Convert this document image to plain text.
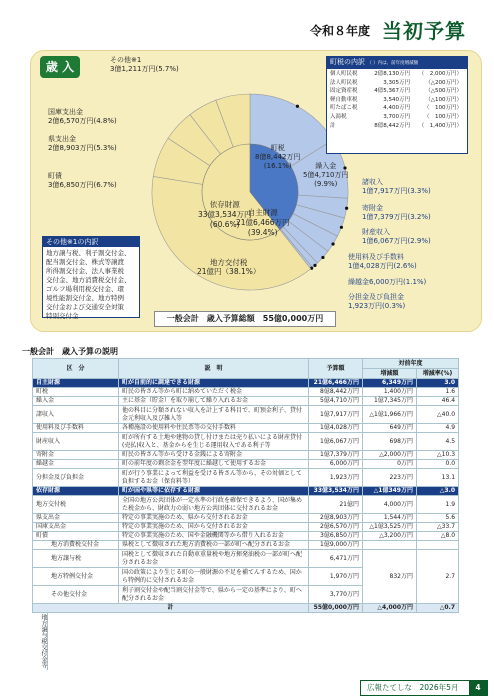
令和８年度 当初予算
歳 入
町税
8億8,442万円
(16.1%)	繰入金
5億4,710万円
(9.9%)	諸収入
1億7,917万円(3.3%)
寄附金
1億7,379万円(3.2%)
財産収入
1億6,067万円(2.9%)
使用料及び手数料
1億4,028万円(2.6%)
繰越金6,000万円(1.1%)
分担金及び負担金
1,923万円(0.3%)
地方交付税
21億円（38.1%）
町債
3億6,850万円(6.7%)
県支出金
2億8,903万円(5.3%)
国庫支出金
2億6,570万円(4.8%)
その他※1
3億1,211万円(5.7%)
自主財源
21億6,466万円
(39.4%)
依存財源
33億3,534万円
(60.6%)
その他※1の内訳
地方譲与税、利子割交付金、
配当割交付金、株式等譲渡
所得割交付金、法人事業税
交付金、地方消費税交付金、
ゴルフ場利用税交付金、環
境性能割交付金、地方特例
交付金および交通安全対策
特別交付金
町税の内訳 （ ）内は、前年度増減額
個人町民税	2億8,130万円	（　2,000万円）
法人町民税	3,305万円	（△200万円）
固定資産税	4億5,367万円	（△500万円）
軽自動車税	3,540万円	（△100万円）
町たばこ税	4,400万円	（　100万円）
入湯税	3,700万円	（　100万円）
計	8億8,442万円	（　1,400万円）
一般会計　歳入予算総額　55億0,000万円
一般会計　歳入予算の説明
区　分	説　明	予算額	対前年度	
			増減額	増減率(%)
自主財源	町が自前的に調達できる財源	21億6,466万円	6,349万円	3.0
町税	町民の皆さん等から町に納めていただく税金	8億8,442万円	1,400万円	1.6
繰入金	主に基金（貯金）を取り崩して繰り入れるお金	5億4,710万円	1億7,345万円	46.4
諸収入	他の科目に分類されない収入を計上する科目で、町預金利子、貸付金元利収入及び雑入等	1億7,917万円	△1億1,966万円	△40.0
使用料及び手数料	各種施設の使用料や住民票等の交付手数料	1億4,028万円	649万円	4.9
財産収入	町が所有する土地や建物の貸し付けまたは売り払いによる財産貸付(売払)収入と、基金からを生じる運用収入である利子等	1億6,067万円	698万円	4.5
寄附金	町民の皆さん等から受ける金銭による寄附金	1億7,379万円	△2,000万円	△10.3
繰越金	町の前年度の剰余金を翌年度に繰越して使用するお金	6,000万円	0万円	0.0
分担金及び負担金	町が行う事業によって利益を受ける皆さん等から、その対価として負担するお金（保育料等）	1,923万円	223万円	13.1
依存財源	町が国や県等に依存する財源	33億3,534万円	△1億349万円	△3.0
地方交付税	全国の地方公共団体が一定水準の行政を確保できるよう、国が集めた税金から、財政力の弱い地方公共団体に交付されるお金	21億円	4,000万円	1.9
県支出金	特定の事業実施のため、県から交付されるお金	2億8,903万円	1,544万円	5.6
国庫支出金	特定の事業実施のため、国から交付されるお金	2億6,570万円	△1億3,525万円	△33.7
町債	特定の事業実施のため、国や金融機関等から借り入れるお金	3億6,850万円	△3,200万円	△8.0

地方消費税交付金	県税として徴収された地方消費税の一部が町へ配分されるお金	1億9,000万円		

地方譲与税	国税として徴収された自動車重量税や地方揮発油税の一部が町へ配分されるお金	6,471万円	832万円	2.7

地方特例交付金	国の政策により生じる町の一般財源の不足を補てんするため、国から特例的に交付されるお金	1,970万円		

その他交付金	利子割交付金や配当割交付金等で、県から一定の基準により、町へ配分されるお金	3,770万円		
計		55億0,000万円	△4,000万円	△0.7
広報たてしな　2026年5月	4
地方譲与税交付金等
